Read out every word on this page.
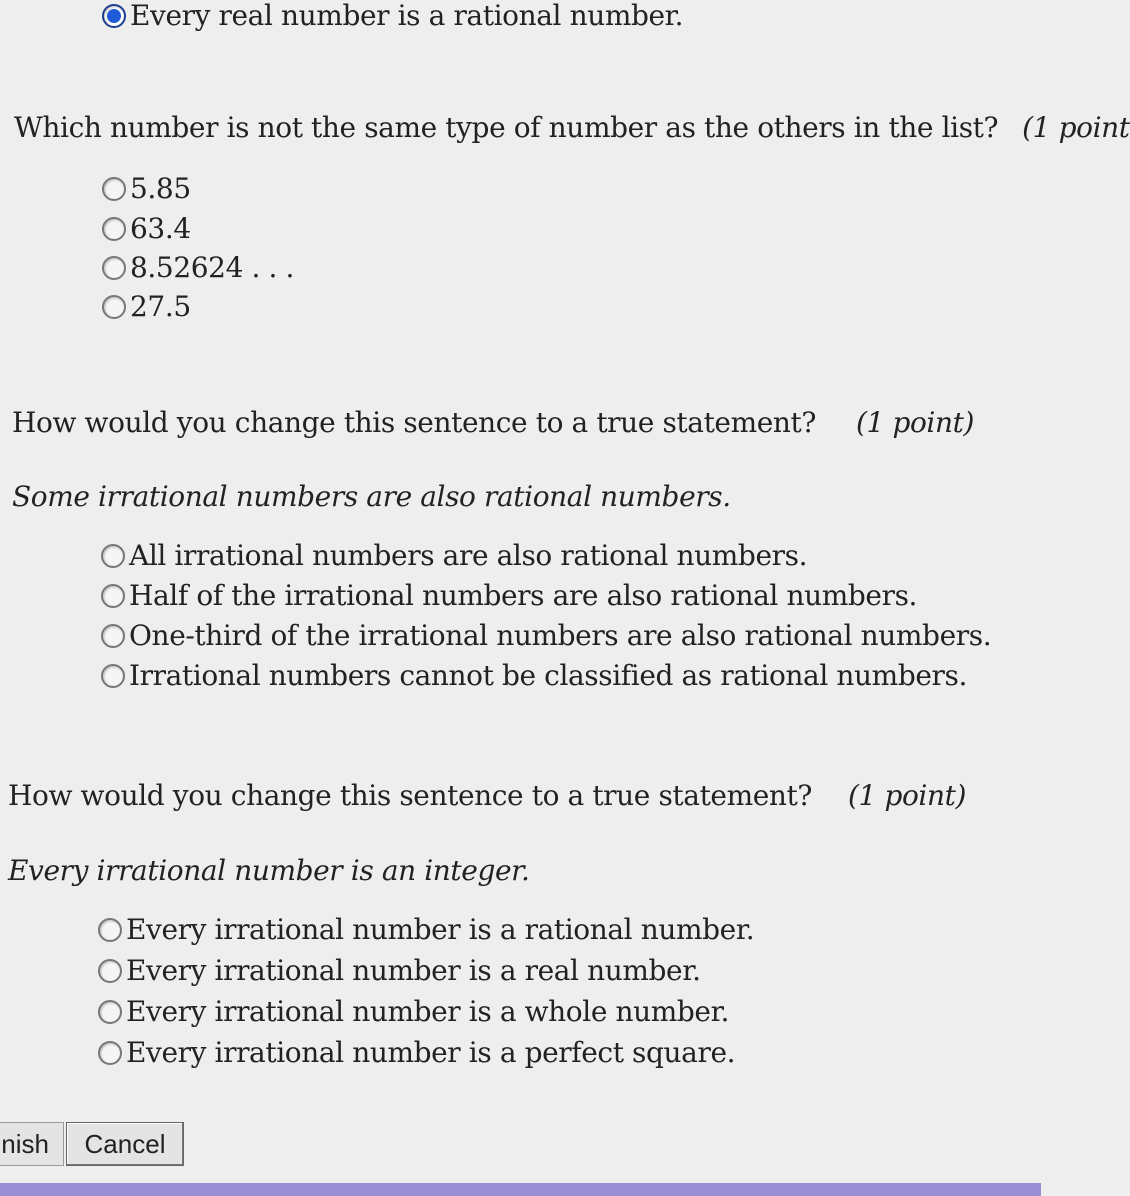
Every real number is a rational number.
Which number is not the same type of number as the others in the list? (1 point
5.85
63.4
8.52624 . . .
27.5
How would you change this sentence to a true statement? (1 point)
Some irrational numbers are also rational numbers.
All irrational numbers are also rational numbers.
Half of the irrational numbers are also rational numbers.
One-third of the irrational numbers are also rational numbers.
Irrational numbers cannot be classified as rational numbers.
How would you change this sentence to a true statement? (1 point)
Every irrational number is an integer.
Every irrational number is a rational number.
Every irrational number is a real number.
Every irrational number is a whole number.
Every irrational number is a perfect square.
nish	Cancel
